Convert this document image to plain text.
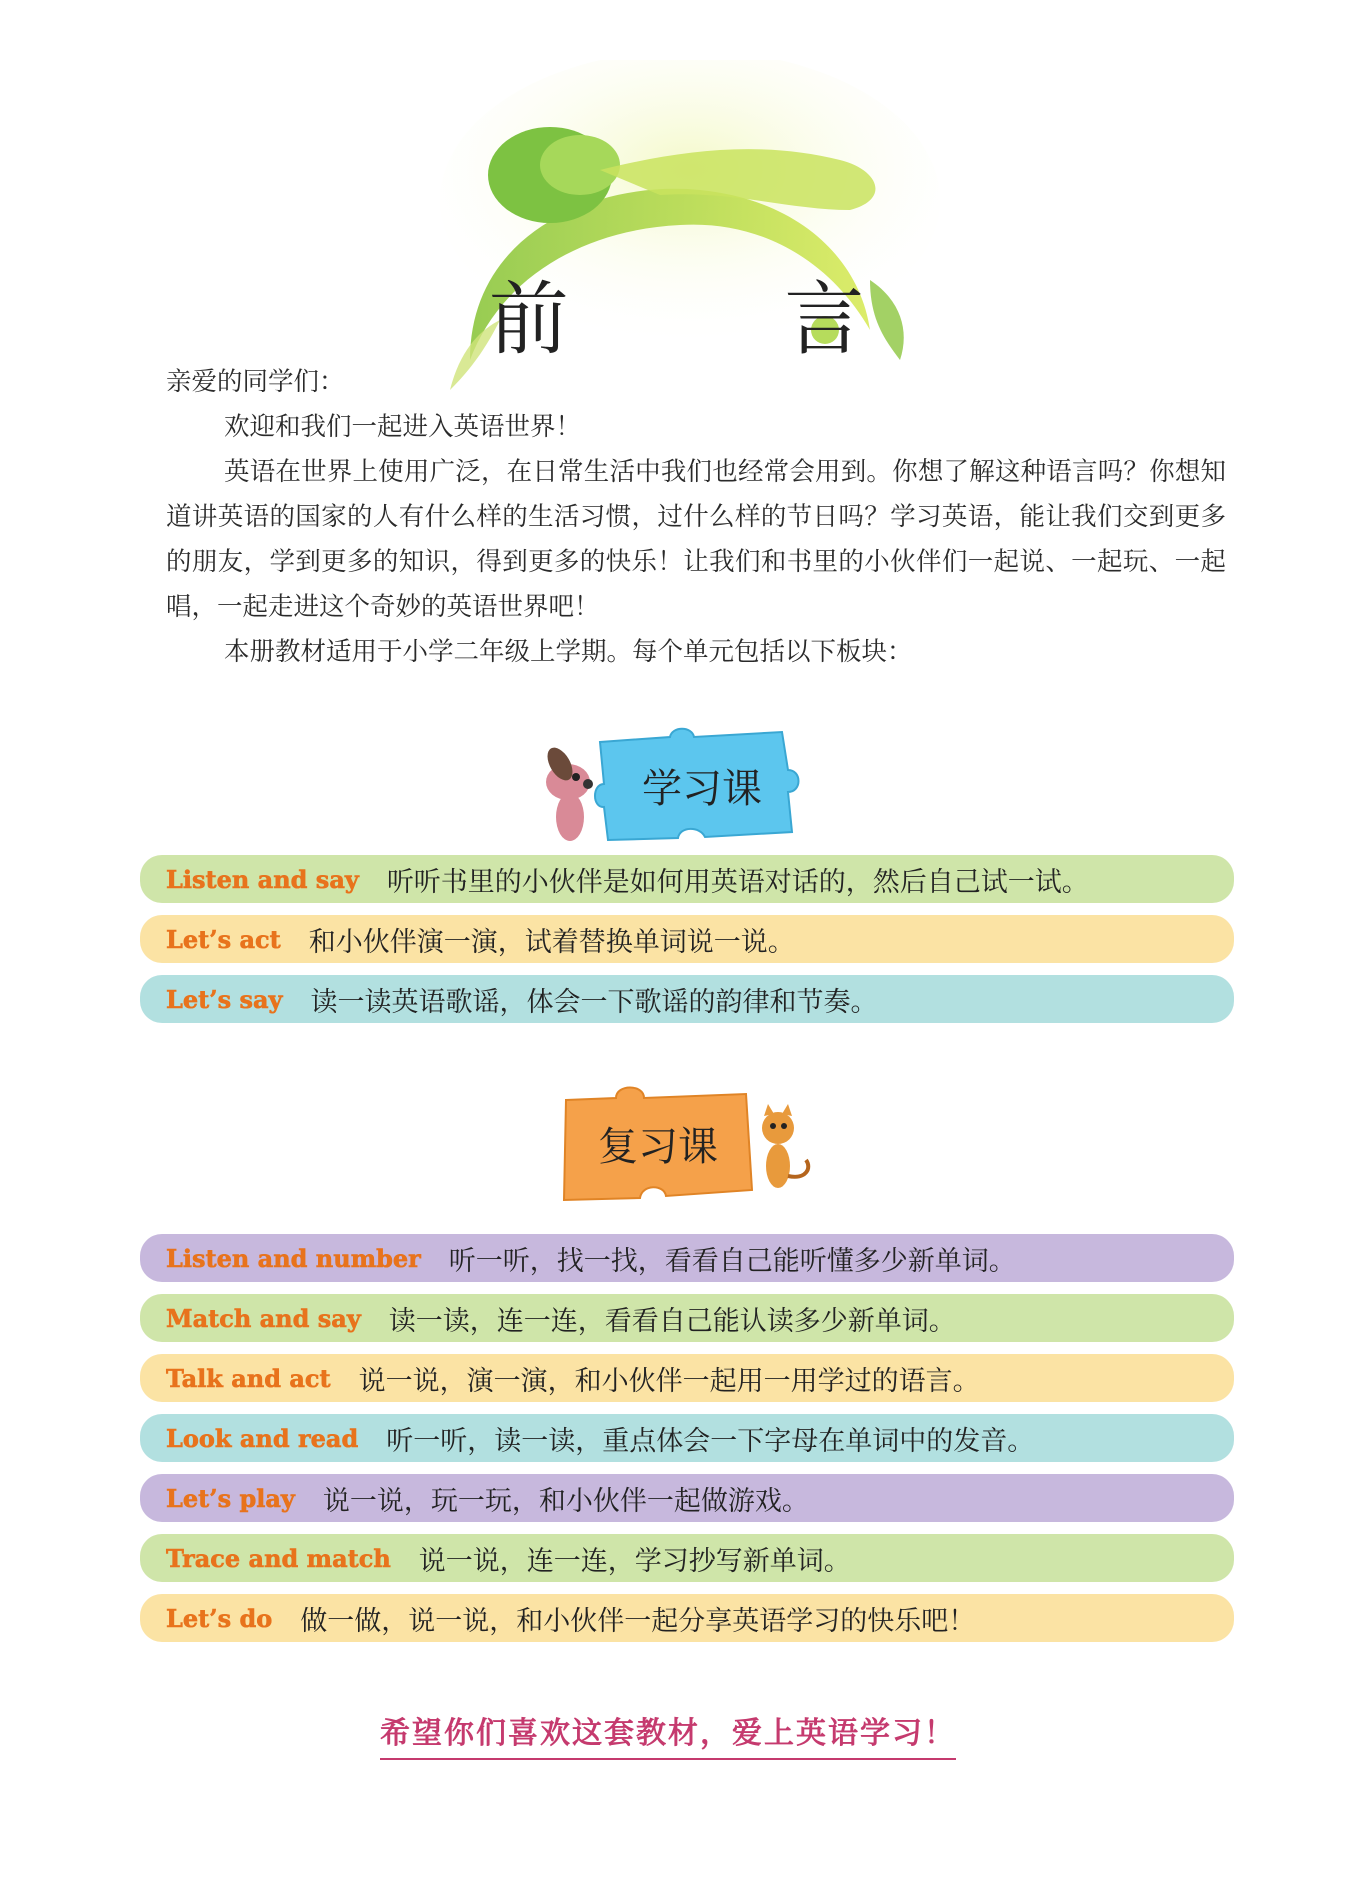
前 言

亲爱的同学们：

欢迎和我们一起进入英语世界！

英语在世界上使用广泛，在日常生活中我们也经常会用到。你想了解这种语言吗？你想知道讲英语的国家的人有什么样的生活习惯，过什么样的节日吗？学习英语，能让我们交到更多的朋友，学到更多的知识，得到更多的快乐！让我们和书里的小伙伴们一起说、一起玩、一起唱，一起走进这个奇妙的英语世界吧！

本册教材适用于小学二年级上学期。每个单元包括以下板块：

学习课
Listen and say 听听书里的小伙伴是如何用英语对话的，然后自己试一试。
Let’s act 和小伙伴演一演，试着替换单词说一说。
Let’s say 读一读英语歌谣，体会一下歌谣的韵律和节奏。
复习课
Listen and number 听一听，找一找，看看自己能听懂多少新单词。
Match and say 读一读，连一连，看看自己能认读多少新单词。
Talk and act 说一说，演一演，和小伙伴一起用一用学过的语言。
Look and read 听一听，读一读，重点体会一下字母在单词中的发音。
Let’s play 说一说，玩一玩，和小伙伴一起做游戏。
Trace and match 说一说，连一连，学习抄写新单词。
Let’s do 做一做，说一说，和小伙伴一起分享英语学习的快乐吧！
希望你们喜欢这套教材，爱上英语学习！
